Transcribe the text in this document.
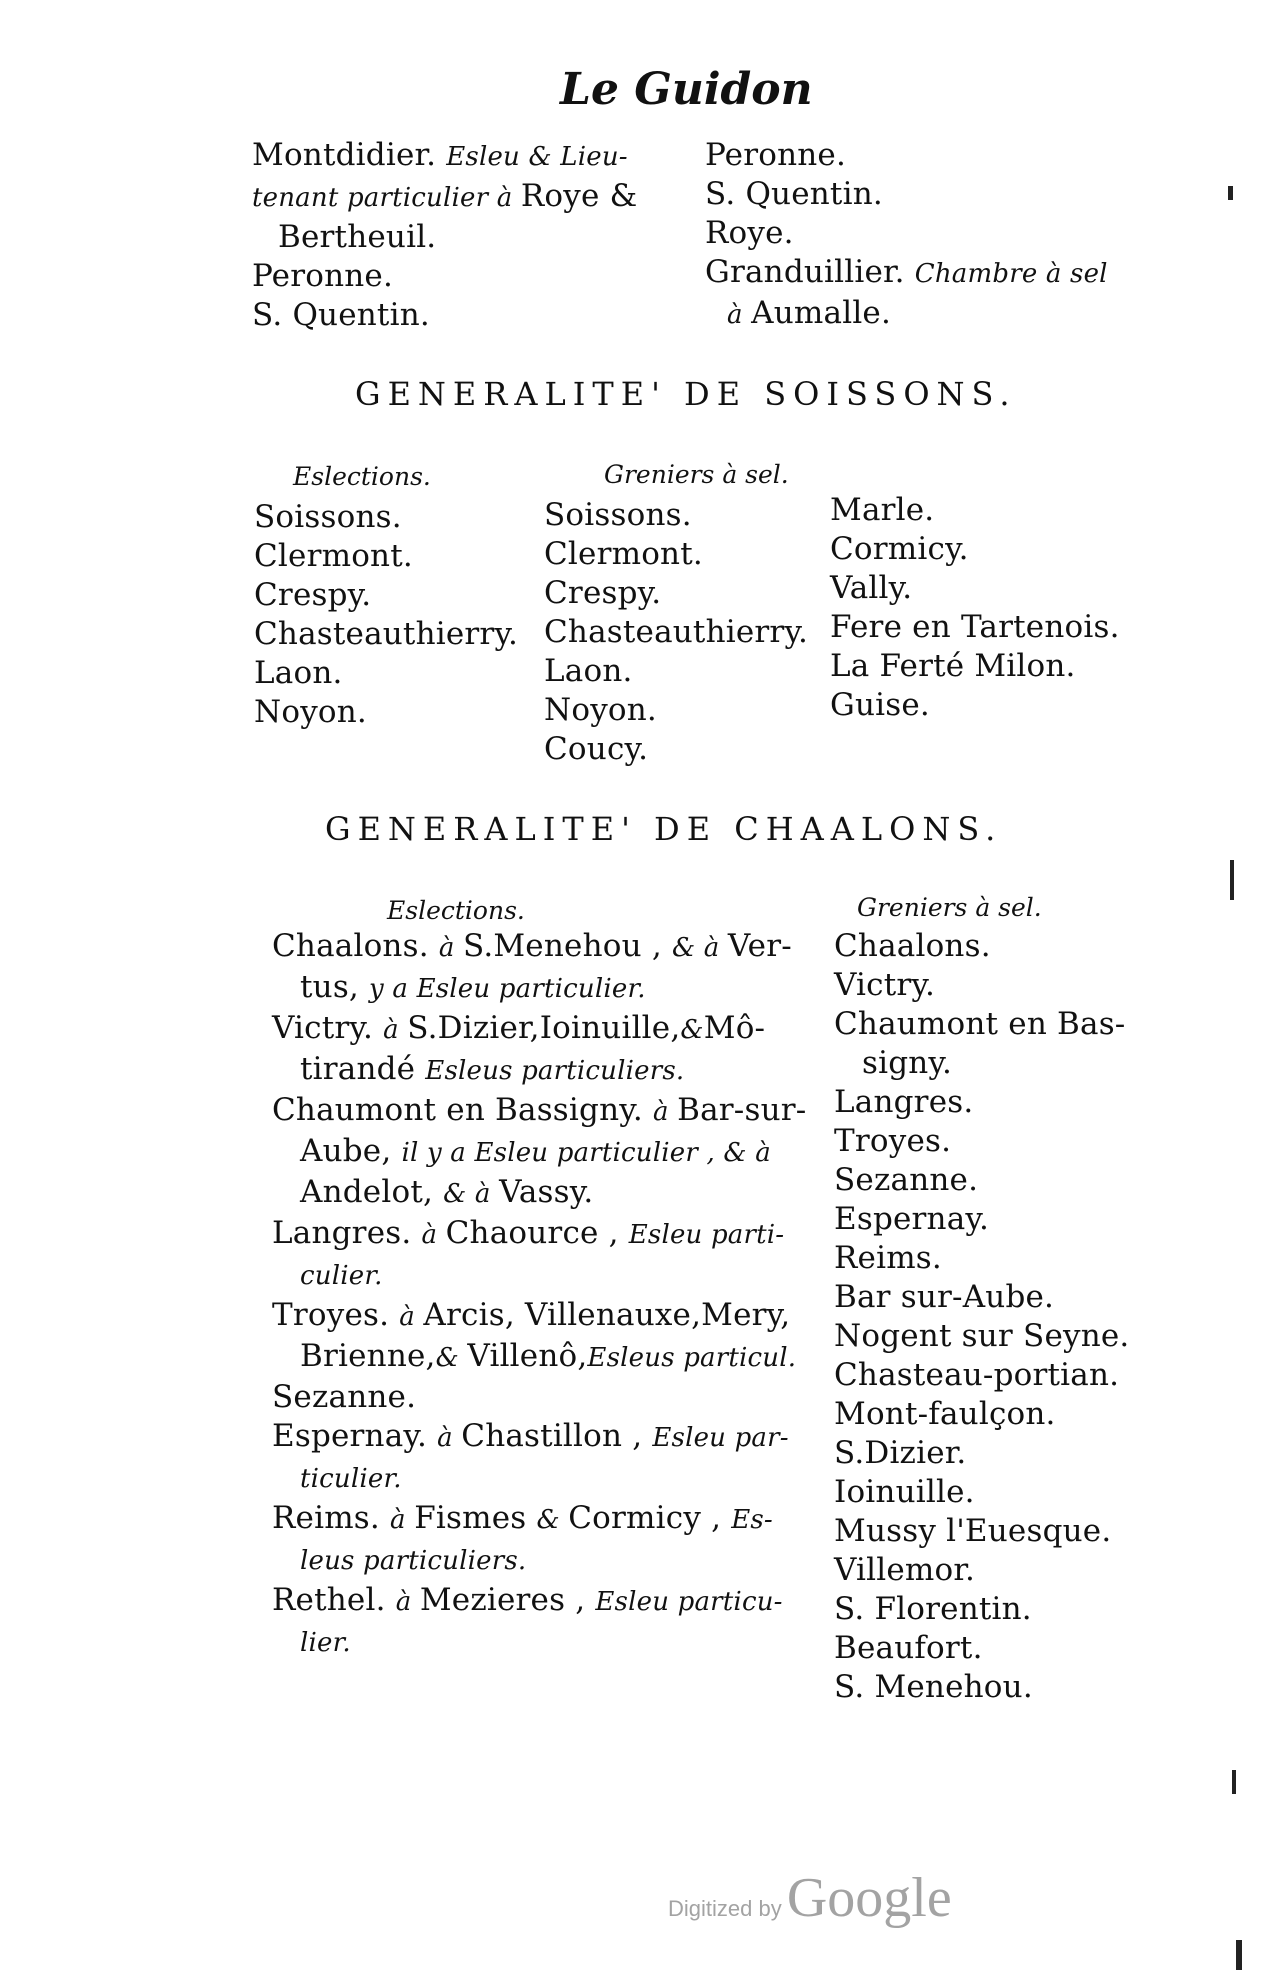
Le Guidon
Montdidier. Esleu & Lieu-
tenant particulier à Roye &
Bertheuil.
Peronne.
S. Quentin.
Peronne.
S. Quentin.
Roye.
Granduillier. Chambre à sel
à Aumalle.
GENERALITE' DE SOISSONS.
Eslections.	Greniers à sel.
Soissons.
Clermont.
Crespy.
Chasteauthierry.
Laon.
Noyon.
Soissons.
Clermont.
Crespy.
Chasteauthierry.
Laon.
Noyon.
Coucy.
Marle.
Cormicy.
Vally.
Fere en Tartenois.
La Ferté Milon.
Guise.
GENERALITE' DE CHAALONS.
Eslections.	Greniers à sel.
Chaalons. à S.Menehou , & à Ver-
tus, y a Esleu particulier.
Victry. à S.Dizier,Ioinuille,&Mô-
tirandé Esleus particuliers.
Chaumont en Bassigny. à Bar-sur-
Aube, il y a Esleu particulier , & à
Andelot, & à Vassy.
Langres. à Chaource , Esleu parti-
culier.
Troyes. à Arcis, Villenauxe,Mery,
Brienne,& Villenô,Esleus particul.
Sezanne.
Espernay. à Chastillon , Esleu par-
ticulier.
Reims. à Fismes & Cormicy , Es-
leus particuliers.
Rethel. à Mezieres , Esleu particu-
lier.
Chaalons.
Victry.
Chaumont en Bas-
signy.
Langres.
Troyes.
Sezanne.
Espernay.
Reims.
Bar sur-Aube.
Nogent sur Seyne.
Chasteau-portian.
Mont-faulçon.
S.Dizier.
Ioinuille.
Mussy l'Euesque.
Villemor.
S. Florentin.
Beaufort.
S. Menehou.
Digitized by Google
